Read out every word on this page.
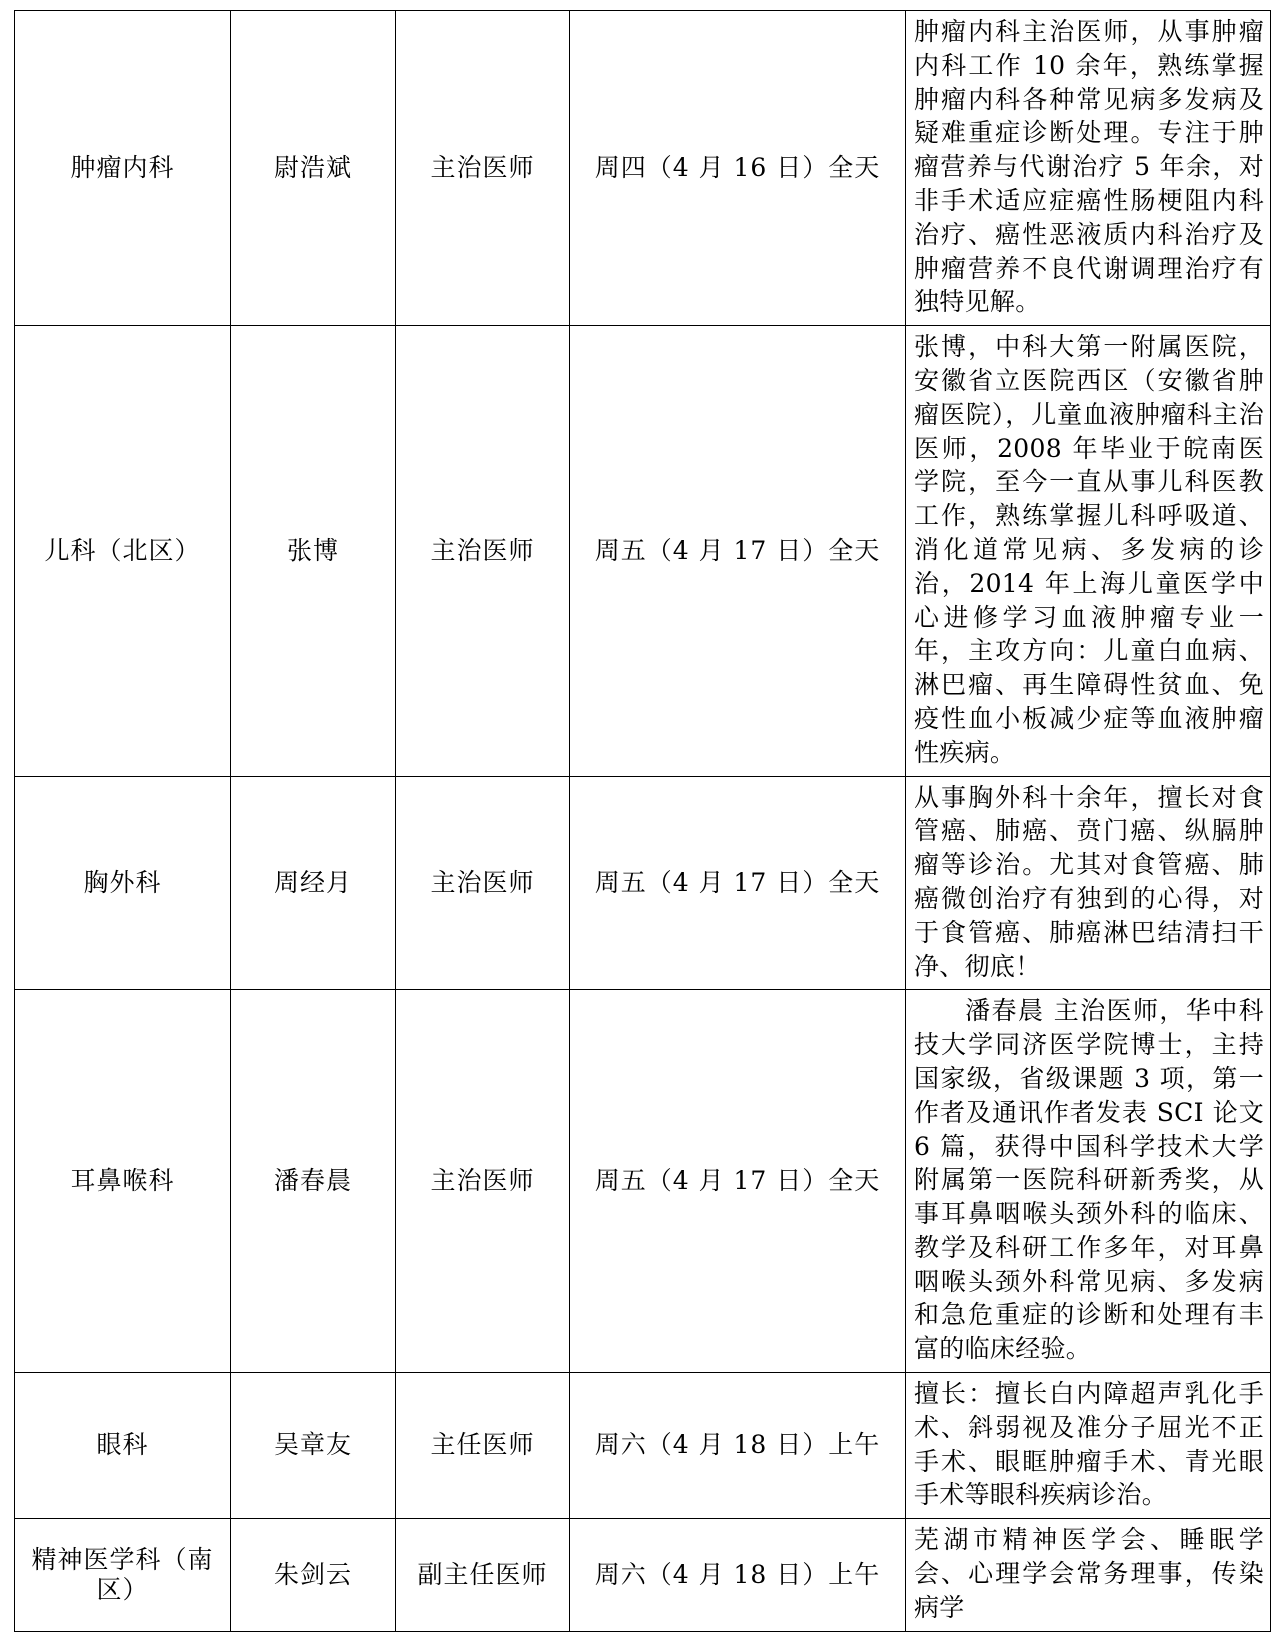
肿瘤内科	尉浩斌	主治医师	周四（4 月 16 日）全天	肿瘤内科主治医师，从事肿瘤内科工作 10 余年，熟练掌握肿瘤内科各种常见病多发病及疑难重症诊断处理。专注于肿瘤营养与代谢治疗 5 年余，对非手术适应症癌性肠梗阻内科治疗、癌性恶液质内科治疗及肿瘤营养不良代谢调理治疗有独特见解。
儿科（北区）	张博	主治医师	周五（4 月 17 日）全天	张博，中科大第一附属医院，安徽省立医院西区（安徽省肿瘤医院），儿童血液肿瘤科主治医师，2008 年毕业于皖南医学院，至今一直从事儿科医教工作，熟练掌握儿科呼吸道、消化道常见病、多发病的诊治，2014 年上海儿童医学中心进修学习血液肿瘤专业一年，主攻方向：儿童白血病、淋巴瘤、再生障碍性贫血、免疫性血小板减少症等血液肿瘤性疾病。
胸外科	周经月	主治医师	周五（4 月 17 日）全天	从事胸外科十余年，擅长对食管癌、肺癌、贲门癌、纵膈肿瘤等诊治。尤其对食管癌、肺癌微创治疗有独到的心得，对于食管癌、肺癌淋巴结清扫干净、彻底！
耳鼻喉科	潘春晨	主治医师	周五（4 月 17 日）全天	潘春晨 主治医师，华中科技大学同济医学院博士，主持国家级，省级课题 3 项，第一作者及通讯作者发表 SCI 论文 6 篇，获得中国科学技术大学附属第一医院科研新秀奖，从事耳鼻咽喉头颈外科的临床、教学及科研工作多年，对耳鼻咽喉头颈外科常见病、多发病和急危重症的诊断和处理有丰富的临床经验。
眼科	吴章友	主任医师	周六（4 月 18 日）上午	擅长：擅长白内障超声乳化手术、斜弱视及准分子屈光不正手术、眼眶肿瘤手术、青光眼手术等眼科疾病诊治。
精神医学科（南区）	朱剑云	副主任医师	周六（4 月 18 日）上午	芜湖市精神医学会、睡眠学会、心理学会常务理事，传染病学
